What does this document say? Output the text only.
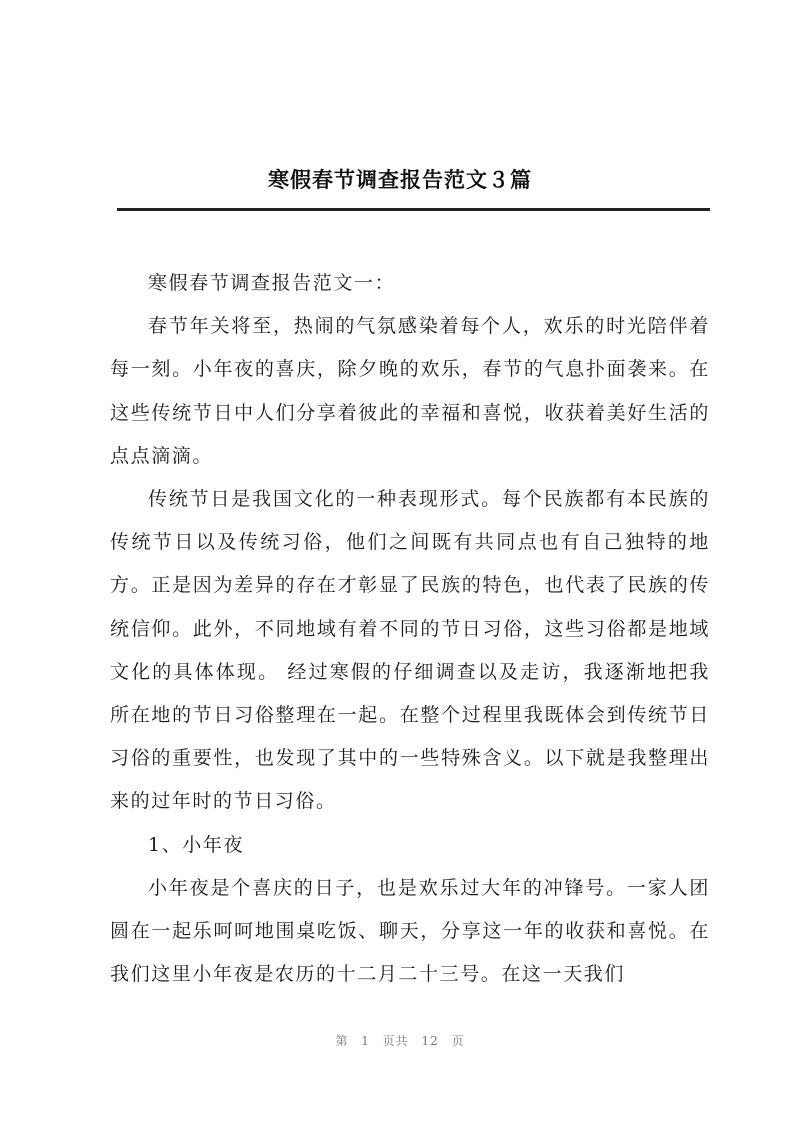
寒假春节调查报告范文３篇

寒假春节调查报告范文一：

春节年关将至，热闹的气氛感染着每个人，欢乐的时光陪伴着每一刻。小年夜的喜庆，除夕晚的欢乐，春节的气息扑面袭来。在这些传统节日中人们分享着彼此的幸福和喜悦，收获着美好生活的点点滴滴。

传统节日是我国文化的一种表现形式。每个民族都有本民族的传统节日以及传统习俗，他们之间既有共同点也有自己独特的地方。正是因为差异的存在才彰显了民族的特色，也代表了民族的传统信仰。此外，不同地域有着不同的节日习俗，这些习俗都是地域文化的具体体现。 经过寒假的仔细调查以及走访，我逐渐地把我所在地的节日习俗整理在一起。在整个过程里我既体会到传统节日习俗的重要性，也发现了其中的一些特殊含义。以下就是我整理出来的过年时的节日习俗。

1、小年夜

小年夜是个喜庆的日子，也是欢乐过大年的冲锋号。一家人团圆在一起乐呵呵地围桌吃饭、聊天，分享这一年的收获和喜悦。在我们这里小年夜是农历的十二月二十三号。在这一天我们

第 1 页共 12 页
